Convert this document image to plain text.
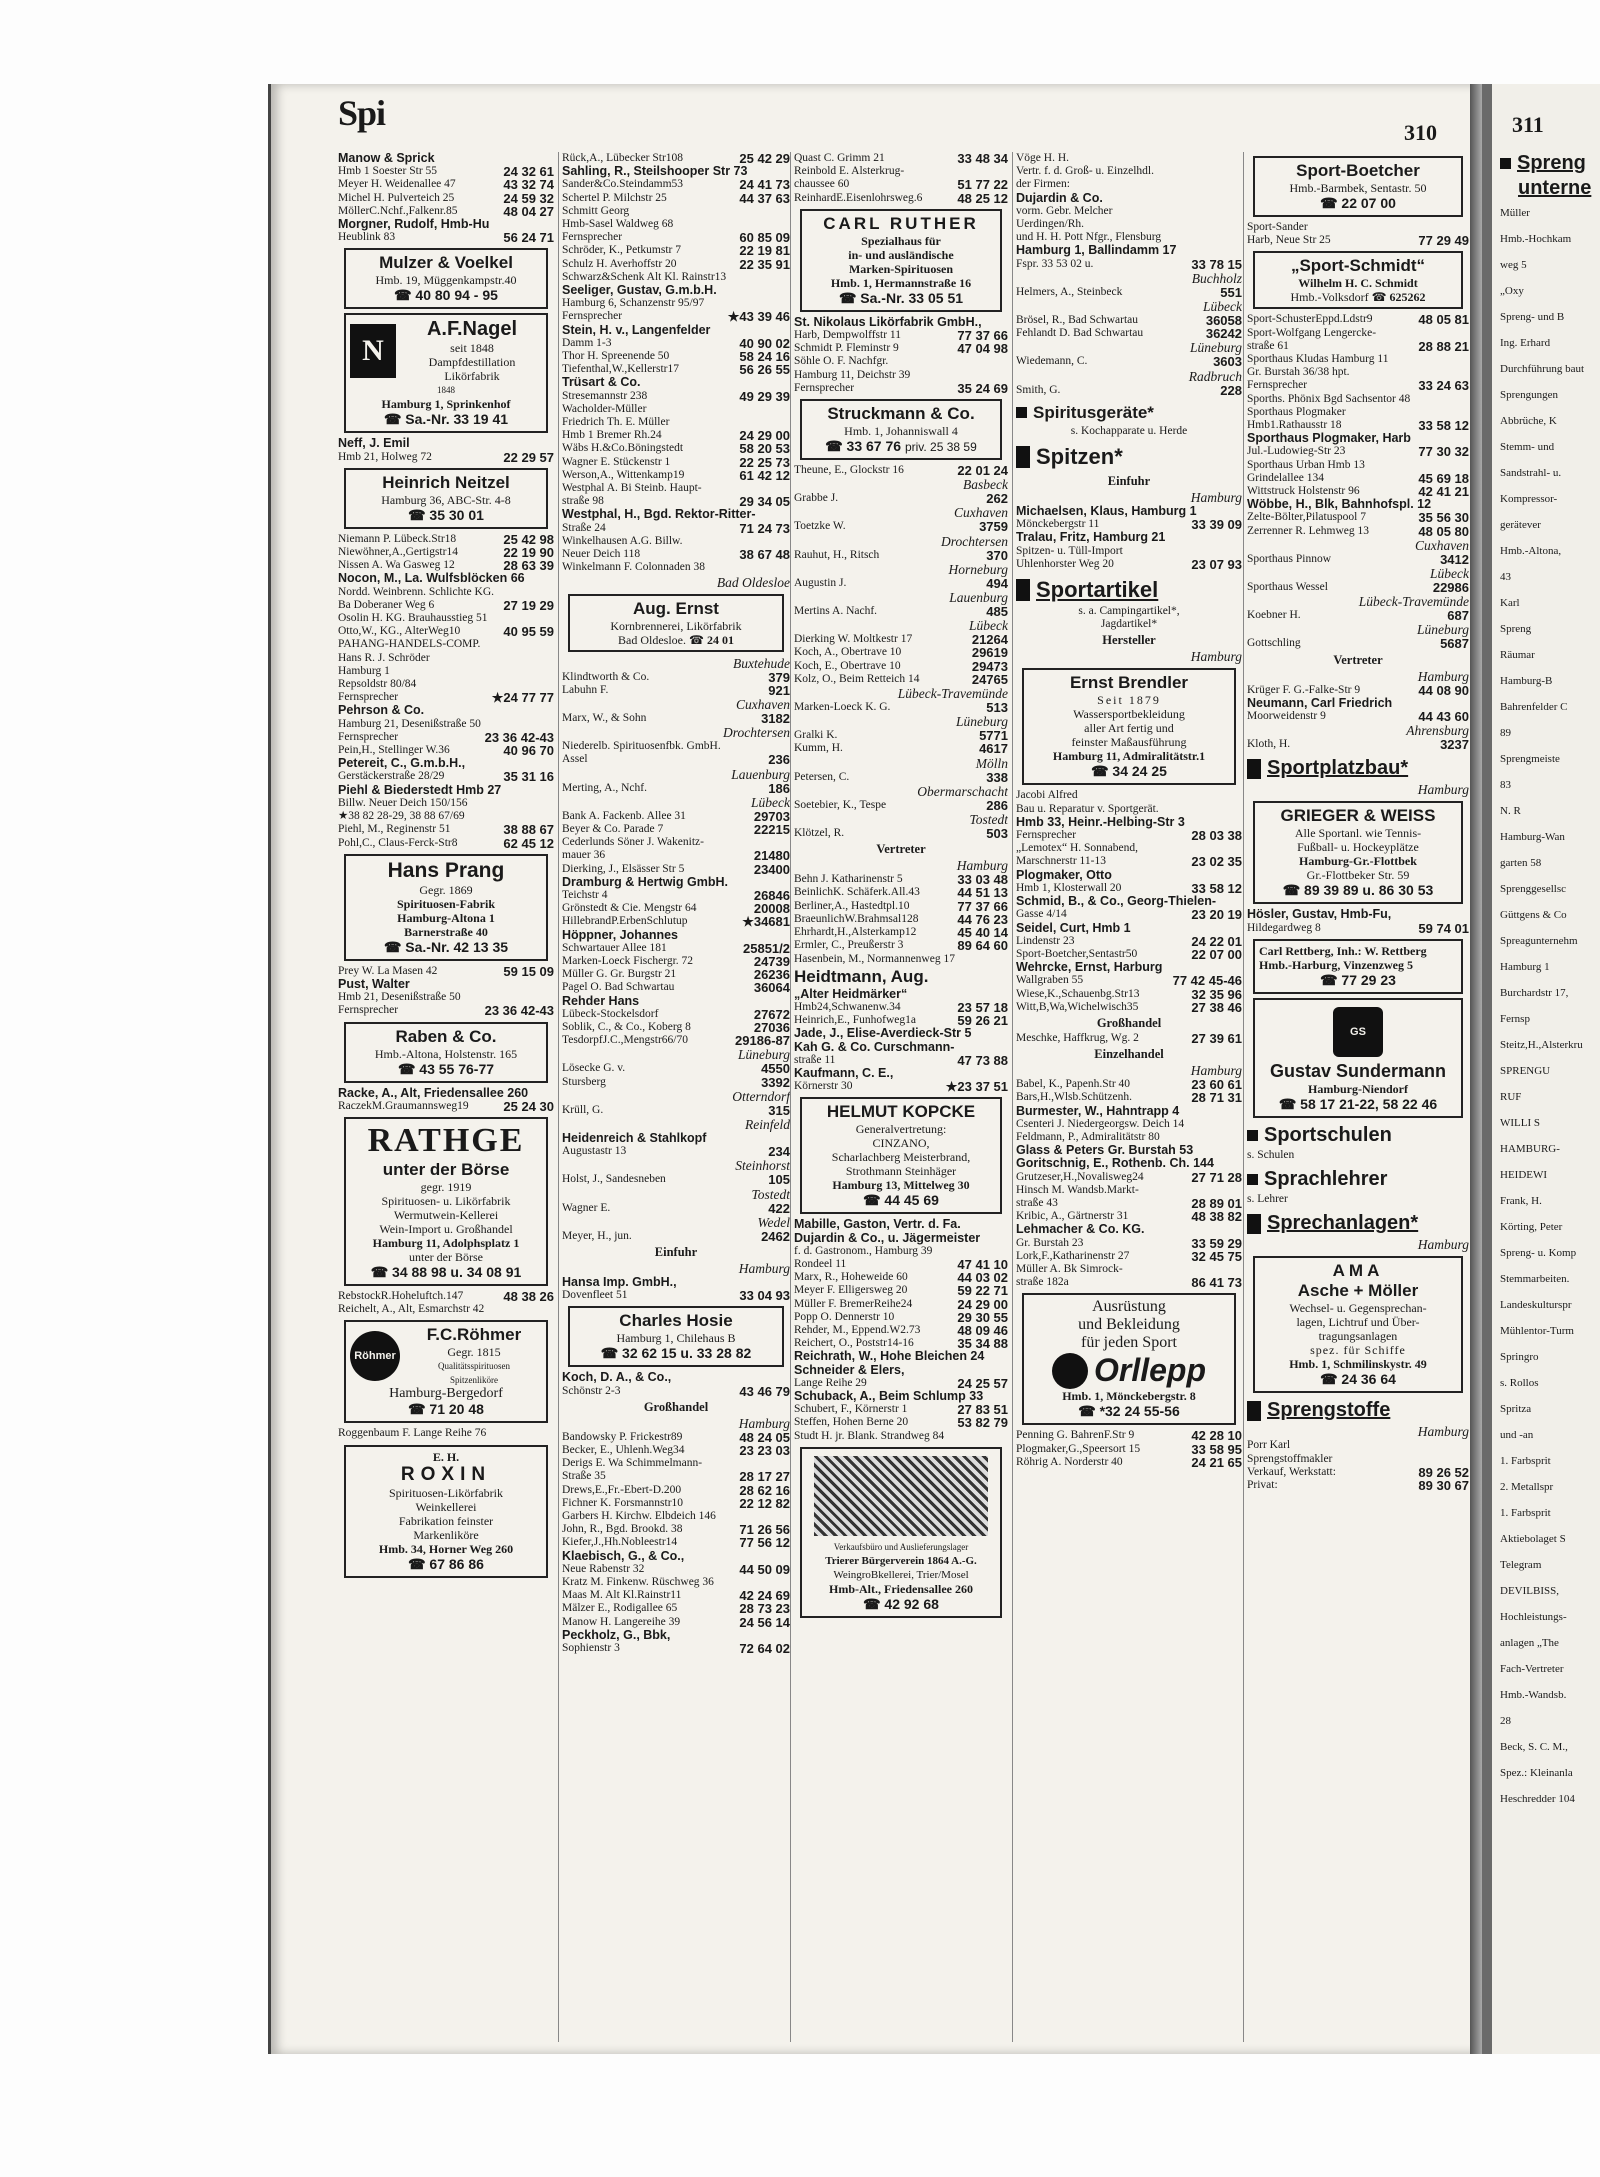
Spi	310
Manow & Sprick
Hmb 1 Soester Str 55	24 32 61
Meyer H. Weidenallee 47	43 32 74
Michel H. Pulverteich 25	24 59 32
MöllerC.Nchf.,Falkenr.85	48 04 27
Morgner, Rudolf, Hmb-Hu
Heublink 83	56 24 71
Mulzer & Voelkel
Hmb. 19, Müggenkampstr.40
☎ 40 80 94 - 95
N
A.F.Nagel
seit 1848
Dampfdestillation
Likörfabrik
1848
Hamburg 1, Sprinkenhof
☎ Sa.-Nr. 33 19 41
Neff, J. Emil
Hmb 21, Holweg 72	22 29 57
Heinrich Neitzel
Hamburg 36, ABC-Str. 4-8
☎ 35 30 01
Niemann P. Lübeck.Str18	25 42 98
Niewöhner,A.,Gertigstr14	22 19 90
Nissen A. Wa Gasweg 12	28 63 39
Nocon, M., La. Wulfsblöcken 66
Nordd. Weinbrenn. Schlichte KG.
Ba Doberaner Weg 6	27 19 29
Osolin H. KG. Brauhausstieg 51
Otto,W., KG., AlterWeg10	40 95 59
PAHANG-HANDELS-COMP.
Hans R. J. Schröder
Hamburg 1
Repsoldstr 80/84
Fernsprecher	★24 77 77
Pehrson & Co.
Hamburg 21, Desenißstraße 50
Fernsprecher	23 36 42-43
Pein,H., Stellinger W.36	40 96 70
Petereit, C., G.m.b.H.,
Gerstäckerstraße 28/29	35 31 16
Piehl & Biederstedt Hmb 27
Billw. Neuer Deich 150/156
★38 82 28-29, 38 88 67/69
Piehl, M., Reginenstr 51	38 88 67
Pohl,C., Claus-Ferck-Str8	62 45 12
Hans Prang
Gegr. 1869
Spirituosen-Fabrik
Hamburg-Altona 1
Barnerstraße 40
☎ Sa.-Nr. 42 13 35
Prey W. La Masen 42	59 15 09
Pust, Walter
Hmb 21, Desenißstraße 50
Fernsprecher	23 36 42-43
Raben & Co.
Hmb.-Altona, Holstenstr. 165
☎ 43 55 76-77
Racke, A., Alt, Friedensallee 260
RaczekM.Graumannsweg19	25 24 30
RATHGE
unter der Börse
gegr. 1919
Spirituosen- u. Likörfabrik
Wermutwein-Kellerei
Wein-Import u. Großhandel
Hamburg 11, Adolphsplatz 1
unter der Börse
☎ 34 88 98 u. 34 08 91
RebstockR.Hoheluftch.147	48 38 26
Reichelt, A., Alt, Esmarchstr 42
Röhmer
F.C.Röhmer
Gegr. 1815
Qualitätsspirituosen
Spitzenliköre
Hamburg-Bergedorf
☎ 71 20 48
Roggenbaum F. Lange Reihe 76
E. H.
ROXIN
Spirituosen-Likörfabrik
Weinkellerei
Fabrikation feinster
Markenliköre
Hmb. 34, Horner Weg 260
☎ 67 86 86
Rück,A., Lübecker Str108	25 42 29
Sahling, R., Steilshooper Str 73
Sander&Co.Steindamm53	24 41 73
Schertel P. Milchstr 25	44 37 63
Schmitt Georg
Hmb-Sasel Waldweg 68
Fernsprecher	60 85 09
Schröder, K., Petkumstr 7	22 19 81
Schulz H. Averhoffstr 20	22 35 91
Schwarz&Schenk Alt Kl. Rainstr13
Seeliger, Gustav, G.m.b.H.
Hamburg 6, Schanzenstr 95/97
Fernsprecher	★43 39 46
Stein, H. v., Langenfelder
Damm 1-3	40 90 02
Thor H. Spreenende 50	58 24 16
Tiefenthal,W.,Kellerstr17	56 26 55
Trüsart & Co.
Stresemannstr 238	49 29 39
Wacholder-Müller
Friedrich Th. E. Müller
Hmb 1 Bremer Rh.24	24 29 00
Wäbs H.&Co.Böningstedt	58 20 53
Wagner E. Stückenstr 1	22 25 73
Werson,A., Wittenkamp19	61 42 12
Westphal A. Bi Steinb. Haupt-
straße 98	29 34 05
Westphal, H., Bgd. Rektor-Ritter-
Straße 24	71 24 73
Winkelhausen A.G. Billw.
Neuer Deich 118	38 67 48
Winkelmann F. Colonnaden 38
Bad Oldesloe
Aug. Ernst
Kornbrennerei, Likörfabrik
Bad Oldesloe. ☎ 24 01
Buxtehude
Klindtworth & Co.	379
Labuhn F.	921
Cuxhaven
Marx, W., & Sohn	3182
Drochtersen
Niederelb. Spirituosenfbk. GmbH.
Assel	236
Lauenburg
Merting, A., Nchf.	186
Lübeck
Bank A. Fackenb. Allee 31	29703
Beyer & Co. Parade 7	22215
Cederlunds Söner J. Wakenitz-
mauer 36	21480
Dierking, J., Elsässer Str 5	23400
Dramburg & Hertwig GmbH.
Teichstr 4	26846
Grönstedt & Cie. Mengstr 64	20008
HillebrandP.ErbenSchlutup	★34681
Höppner, Johannes
Schwartauer Allee 181	25851/2
Marken-Loeck Fischergr. 72	24739
Müller G. Gr. Burgstr 21	26236
Pagel O. Bad Schwartau	36064
Rehder Hans
Lübeck-Stockelsdorf	27672
Soblik, C., & Co., Koberg 8	27036
TesdorpfJ.C.,Mengstr66/70	29186-87
Lüneburg
Lösecke G. v.	4550
Stursberg	3392
Otterndorf
Krüll, G.	315
Reinfeld
Heidenreich & Stahlkopf
Augustastr 13	234
Steinhorst
Holst, J., Sandesneben	105
Tostedt
Wagner E.	422
Wedel
Meyer, H., jun.	2462
Einfuhr
Hamburg
Hansa Imp. GmbH.,
Dovenfleet 51	33 04 93
Charles Hosie
Hamburg 1, Chilehaus B
☎ 32 62 15 u. 33 28 82
Koch, D. A., & Co.,
Schönstr 2-3	43 46 79
Großhandel
Hamburg
Bandowsky P. Frickestr89	48 24 05
Becker, E., Uhlenh.Weg34	23 23 03
Derigs E. Wa Schimmelmann-
Straße 35	28 17 27
Drews,E.,Fr.-Ebert-D.200	28 62 16
Fichner K. Forsmannstr10	22 12 82
Garbers H. Kirchw. Elbdeich 146
John, R., Bgd. Brookd. 38	71 26 56
Kiefer,J.,Hh.Nobleestr14	77 56 12
Klaebisch, G., & Co.,
Neue Rabenstr 32	44 50 09
Kratz M. Finkenw. Rüschweg 36
Maas M. Alt Kl.Rainstr11	42 24 69
Mälzer E., Rodigallee 65	28 73 23
Manow H. Langereihe 39	24 56 14
Peckholz, G., Bbk,
Sophienstr 3	72 64 02
Quast C. Grimm 21	33 48 34
Reinbold E. Alsterkrug-
chaussee 60	51 77 22
ReinhardE.Eisenlohrsweg.6	48 25 12
CARL RUTHER
Spezialhaus für
in- und ausländische
Marken-Spirituosen
Hmb. 1, Hermannstraße 16
☎ Sa.-Nr. 33 05 51
St. Nikolaus Likörfabrik GmbH.,
Harb, Dempwolffstr 11	77 37 66
Schmidt P. Fleminstr 9	47 04 98
Söhle O. F. Nachfgr.
Hamburg 11, Deichstr 39
Fernsprecher	35 24 69
Struckmann & Co.
Hmb. 1, Johanniswall 4
☎ 33 67 76 priv. 25 38 59
Theune, E., Glockstr 16	22 01 24
Basbeck
Grabbe J.	262
Cuxhaven
Toetzke W.	3759
Drochtersen
Rauhut, H., Ritsch	370
Horneburg
Augustin J.	494
Lauenburg
Mertins A. Nachf.	485
Lübeck
Dierking W. Moltkestr 17	21264
Koch, A., Obertrave 10	29619
Koch, E., Obertrave 10	29473
Kolz, O., Beim Retteich 14	24765
Lübeck-Travemünde
Marken-Loeck K. G.	513
Lüneburg
Gralki K.	5771
Kumm, H.	4617
Mölln
Petersen, C.	338
Obermarschacht
Soetebier, K., Tespe	286
Tostedt
Klötzel, R.	503
Vertreter
Hamburg
Behn J. Katharinenstr 5	33 03 48
BeinlichK. Schäferk.All.43	44 51 13
Berliner,A., Hastedtpl.10	77 37 66
BraeunlichW.Brahmsal128	44 76 23
Ehrhardt,H.,Alsterkamp12	45 40 14
Ermler, C., Preußerstr 3	89 64 60
Hasenbein, M., Normannenweg 17
Heidtmann, Aug.
„Alter Heidmärker“
Hmb24,Schwanenw.34	23 57 18
Heinrich,E., Funhofweg1a	59 26 21
Jade, J., Elise-Averdieck-Str 5
Kah G. & Co. Curschmann-
straße 11	47 73 88
Kaufmann, C. E.,
Körnerstr 30	★23 37 51
HELMUT KOPCKE
Generalvertretung:
CINZANO,
Scharlachberg Meisterbrand,
Strothmann Steinhäger
Hamburg 13, Mittelweg 30
☎ 44 45 69
Mabille, Gaston, Vertr. d. Fa.
Dujardin & Co., u. Jägermeister
f. d. Gastronom., Hamburg 39
Rondeel 11	47 41 10
Marx, R., Hoheweide 60	44 03 02
Meyer F. Elligersweg 20	59 22 71
Müller F. BremerReihe24	24 29 00
Popp O. Dennerstr 10	29 30 55
Rehder, M., Eppend.W2.73	48 09 46
Reichert, O., Poststr14-16	35 34 88
Reichrath, W., Hohe Bleichen 24
Schneider & Elers,
Lange Reihe 29	24 25 57
Schuback, A., Beim Schlump 33
Schubert, F., Körnerstr 1	27 83 51
Steffen, Hohen Berne 20	53 82 79
Studt H. jr. Blank. Strandweg 84
Verkaufsbüro und Auslieferungslager
Trierer Bürgerverein 1864 A.-G.
WeingroBkellerei, Trier/Mosel
Hmb-Alt., Friedensallee 260
☎ 42 92 68
Vöge H. H.
Vertr. f. d. Groß- u. Einzelhdl.
der Firmen:
Dujardin & Co.
vorm. Gebr. Melcher
Uerdingen/Rh.
und H. H. Pott Nfgr., Flensburg
Hamburg 1, Ballindamm 17
Fspr. 33 53 02 u.	33 78 15
Buchholz
Helmers, A., Steinbeck	551
Lübeck
Brösel, R., Bad Schwartau	36058
Fehlandt D. Bad Schwartau	36242
Lüneburg
Wiedemann, C.	3603
Radbruch
Smith, G.	228
Spiritusgeräte*
s. Kochapparate u. Herde
Spitzen*
Einfuhr
Hamburg
Michaelsen, Klaus, Hamburg 1
Mönckebergstr 11	33 39 09
Tralau, Fritz, Hamburg 21
Spitzen- u. Tüll-Import
Uhlenhorster Weg 20	23 07 93
Sportartikel
s. a. Campingartikel*,
Jagdartikel*
Hersteller
Hamburg
Ernst Brendler
Seit 1879
Wassersportbekleidung
aller Art fertig und
feinster Maßausführung
Hamburg 11, Admiralitätstr.1
☎ 34 24 25
Jacobi Alfred
Bau u. Reparatur v. Sportgerät.
Hmb 33, Heinr.-Helbing-Str 3
Fernsprecher	28 03 38
„Lemotex“ H. Sonnabend,
Marschnerstr 11-13	23 02 35
Plogmaker, Otto
Hmb 1, Klosterwall 20	33 58 12
Schmid, B., & Co., Georg-Thielen-
Gasse 4/14	23 20 19
Seidel, Curt, Hmb 1
Lindenstr 23	24 22 01
Sport-Boetcher,Sentastr50	22 07 00
Wehrcke, Ernst, Harburg
Wallgraben 55	77 42 45-46
Wiese,K.,Schauenbg.Str13	32 35 96
Witt,B,Wa,Wichelwisch35	27 38 46
Großhandel
Meschke, Haffkrug, Wg. 2	27 39 61
Einzelhandel
Hamburg
Babel, K., Papenh.Str 40	23 60 61
Bars,H.,Wlsb.Schützenh.	28 71 31
Burmester, W., Hahntrapp 4
Csenteri J. Niedergeorgsw. Deich 14
Feldmann, P., Admiralitätstr 80
Glass & Peters Gr. Burstah 53
Goritschnig, E., Rothenb. Ch. 144
Grutzeser,H.,Novalisweg24	27 71 28
Hinsch M. Wandsb.Markt-
straße 43	28 89 01
Kribic, A., Gärtnerstr 31	48 38 82
Lehmacher & Co. KG.
Gr. Burstah 23	33 59 29
Lork,F.,Katharinenstr 27	32 45 75
Müller A. Bk Simrock-
straße 182a	86 41 73
Ausrüstung
und Bekleidung
für jeden Sport
Orllepp
Hmb. 1, Mönckebergstr. 8
☎ *32 24 55-56
Penning G. BahrenF.Str 9	42 28 10
Plogmaker,G.,Speersort 15	33 58 95
Röhrig A. Norderstr 40	24 21 65
Sport-Boetcher
Hmb.-Barmbek, Sentastr. 50
☎ 22 07 00
Sport-Sander
Harb, Neue Str 25	77 29 49
„Sport-Schmidt“
Wilhelm H. C. Schmidt
Hmb.-Volksdorf ☎ 625262
Sport-SchusterEppd.Ldstr9	48 05 81
Sport-Wolfgang Lengercke-
straße 61	28 88 21
Sporthaus Kludas Hamburg 11
Gr. Burstah 36/38 hpt.
Fernsprecher	33 24 63
Sporths. Phönix Bgd Sachsentor 48
Sporthaus Plogmaker
Hmb1.Rathausstr 18	33 58 12
Sporthaus Plogmaker, Harb
Jul.-Ludowieg-Str 23	77 30 32
Sporthaus Urban Hmb 13
Grindelallee 134	45 69 18
Wittstruck Holstenstr 96	42 41 21
Wöbbe, H., Blk, Bahnhofspl. 12
Zelte-Bölter,Pilatuspool 7	35 56 30
Zerrenner R. Lehmweg 13	48 05 80
Cuxhaven
Sporthaus Pinnow	3412
Lübeck
Sporthaus Wessel	22986
Lübeck-Travemünde
Koebner H.	687
Lüneburg
Gottschling	5687
Vertreter
Hamburg
Krüger F. G.-Falke-Str 9	44 08 90
Neumann, Carl Friedrich
Moorweidenstr 9	44 43 60
Ahrensburg
Kloth, H.	3237
Sportplatzbau*
Hamburg
GRIEGER & WEISS
Alle Sportanl. wie Tennis-
Fußball- u. Hockeyplätze
Hamburg-Gr.-Flottbek
Gr.-Flottbeker Str. 59
☎ 89 39 89 u. 86 30 53
Hösler, Gustav, Hmb-Fu,
Hildegardweg 8	59 74 01
Carl Rettberg, Inh.: W. Rettberg
Hmb.-Harburg, Vinzenzweg 5
☎ 77 29 23
GS
Gustav Sundermann
Hamburg-Niendorf
☎ 58 17 21-22, 58 22 46
Sportschulen
s. Schulen
Sprachlehrer
s. Lehrer
Sprechanlagen*
Hamburg
AMA
Asche + Möller
Wechsel- u. Gegensprechan-
lagen, Lichtruf und Über-
tragungsanlagen
spez. für Schiffe
Hmb. 1, Schmilinskystr. 49
☎ 24 36 64
Sprengstoffe
Hamburg
Porr Karl
Sprengstoffmakler
Verkauf, Werkstatt:	89 26 52
Privat:	89 30 67
Spreng
unterne
Müller
Hmb.-Hochkam
weg 5
„Oxy
Spreng- und B
Ing. Erhard
Durchführung baut
Sprengungen
Abbrüche, K
Stemm- und
Sandstrahl- u.
Kompressor-
gerätever
Hmb.-Altona,
43
Karl
Spreng
Räumar
Hamburg-B
Bahrenfelder C
89
Sprengmeiste
83
N. R
Hamburg-Wan
garten 58
Sprenggesellsc
Güttgens & Co
Spreagunternehm
Hamburg 1
Burchardstr 17,
Fernsp
Steitz,H.,Alsterkru
SPRENGU
RUF
WILLI S
HAMBURG-
HEIDEWI
Frank, H.
Körting, Peter
Spreng- u. Komp
Stemmarbeiten.
Landeskulturspr
Mühlentor-Turm
Springro
s. Rollos
Spritza
und -an
1. Farbsprit
2. Metallspr
1. Farbsprit
Aktiebolaget S
Telegram
DEVILBISS,
Hochleistungs-
anlagen „The
Fach-Vertreter
Hmb.-Wandsb.
28
Beck, S. C. M.,
Spez.: Kleinanla
Heschredder 104
311
